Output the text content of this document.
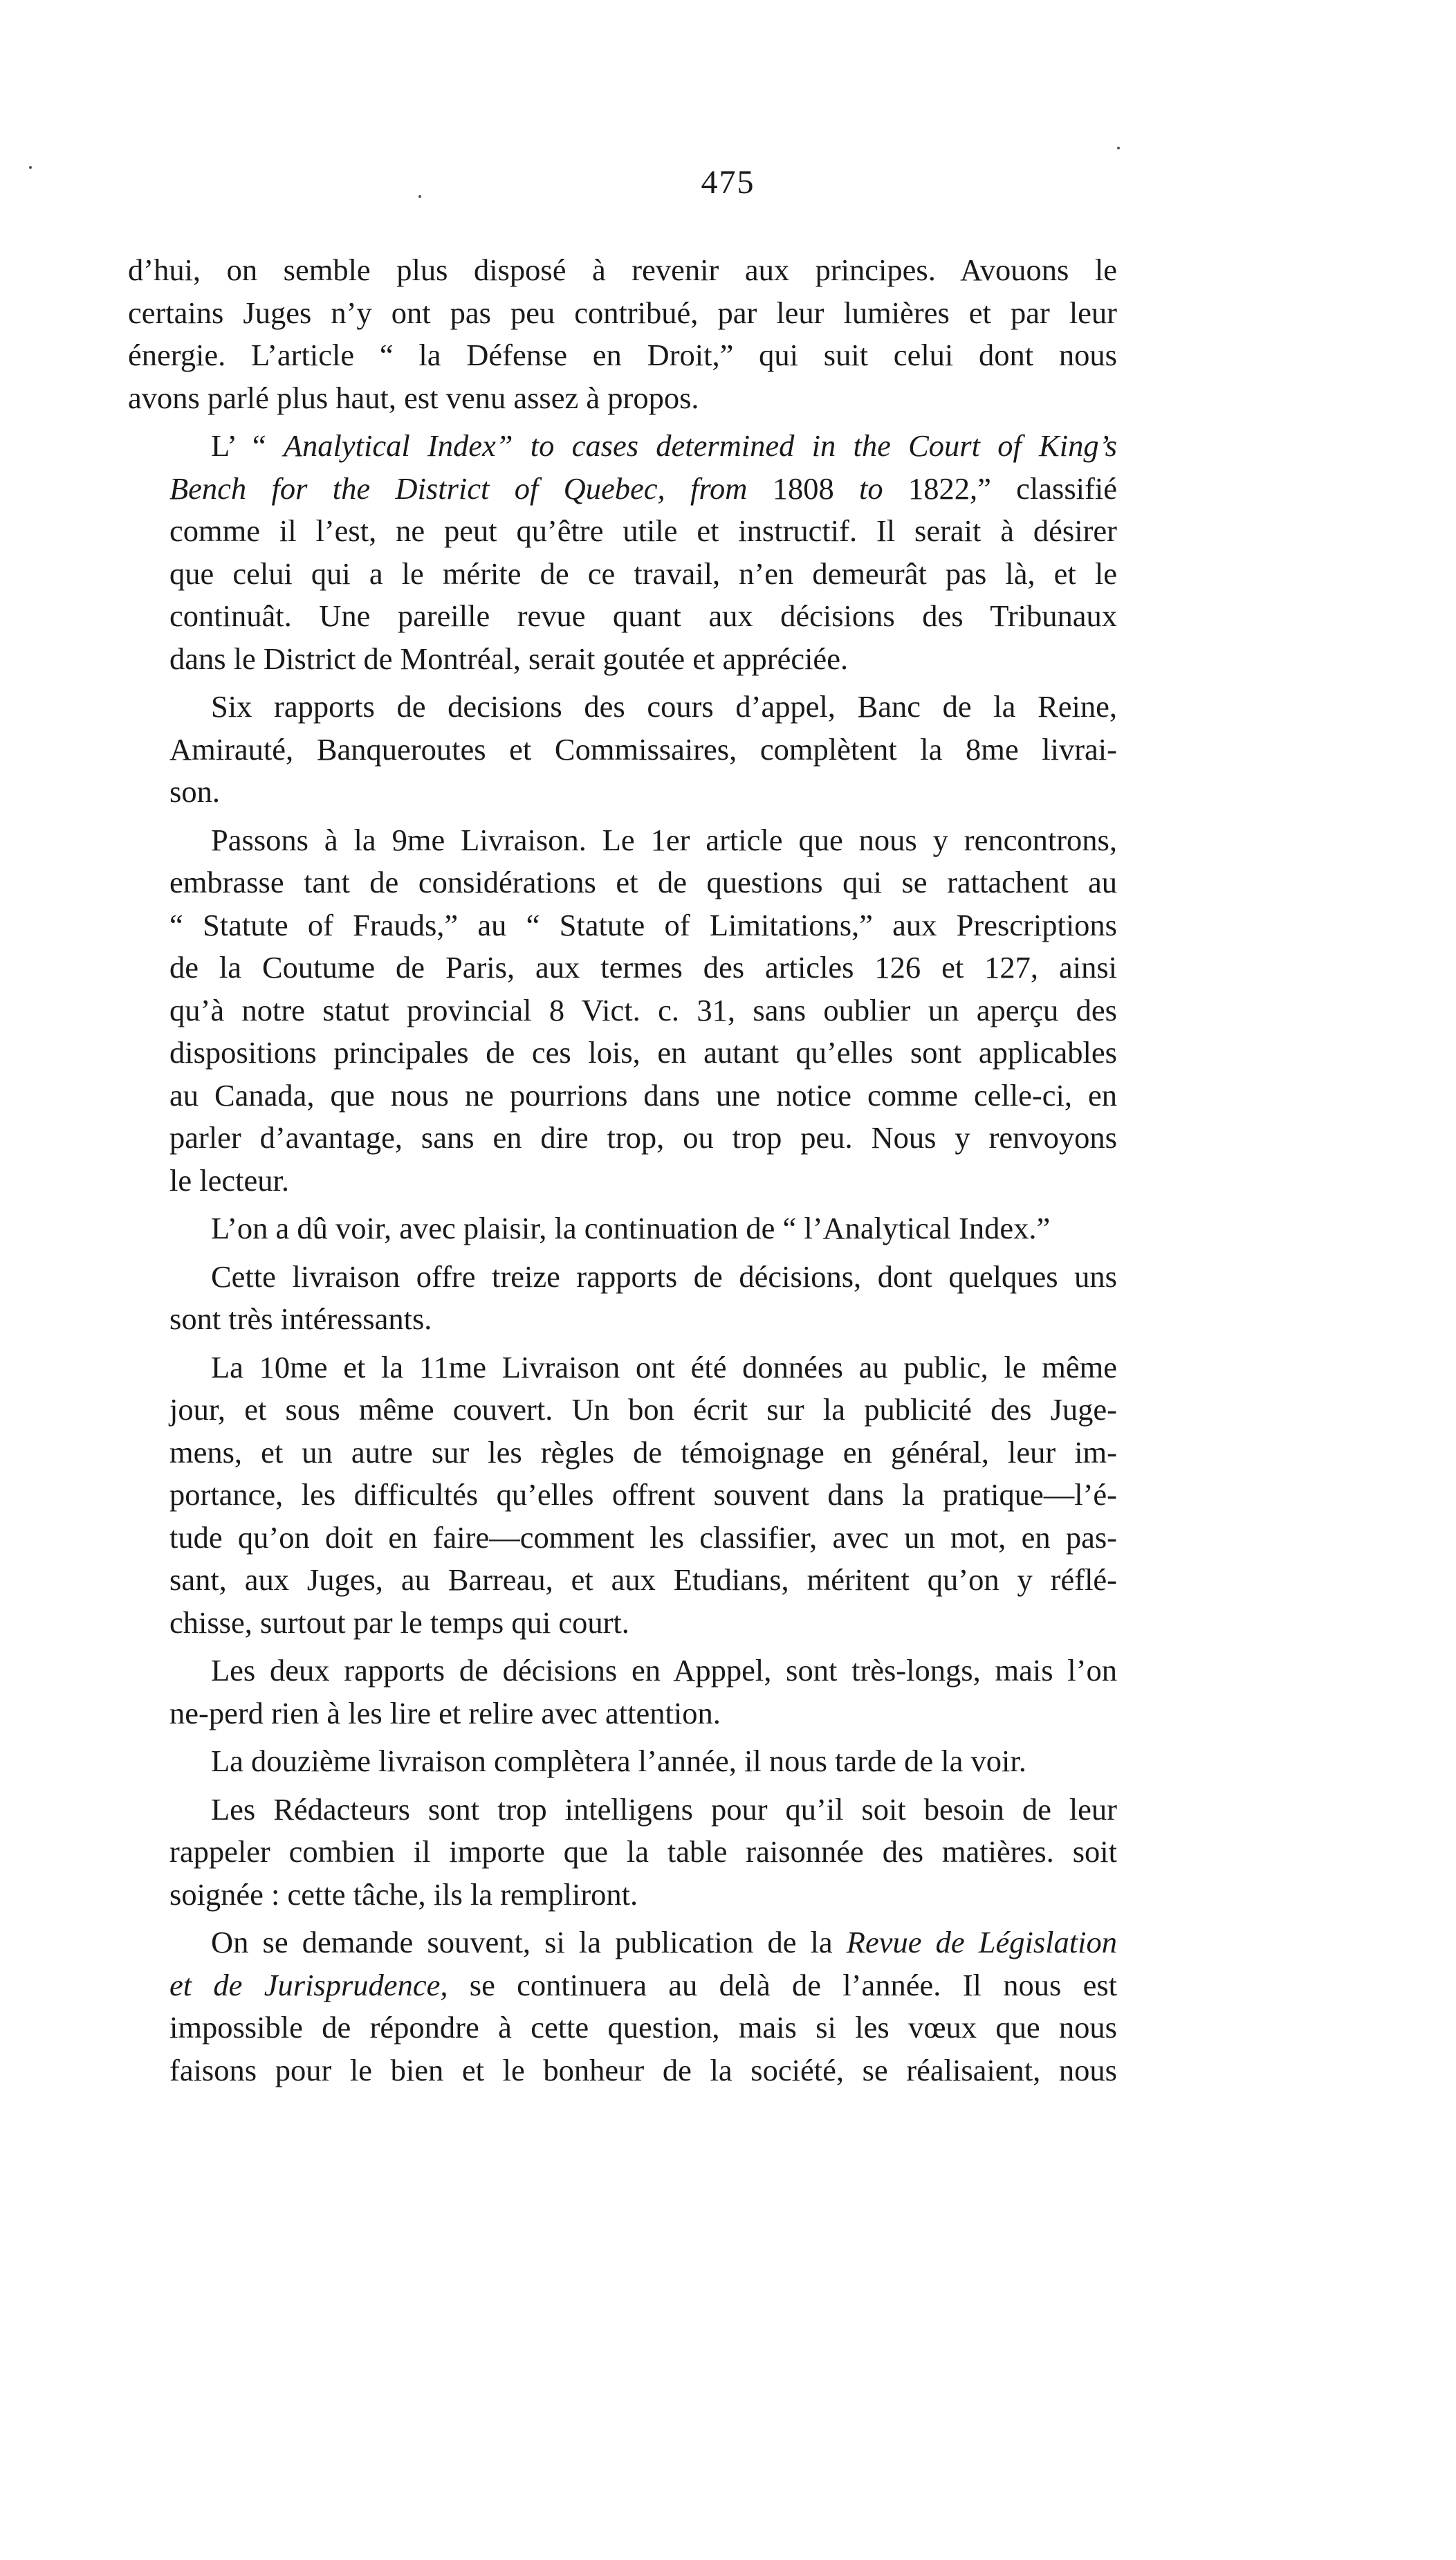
475

d’hui, on semble plus disposé à revenir aux principes. Avouons le
certains Juges n’y ont pas peu contribué, par leur lumières et par leur
énergie. L’article “ la Défense en Droit,” qui suit celui dont nous
avons parlé plus haut, est venu assez à propos.

L’ “ Analytical Index” to cases determined in the Court of King’s
Bench for the District of Quebec, from 1808 to 1822,” classifié
comme il l’est, ne peut qu’être utile et instructif. Il serait à désirer
que celui qui a le mérite de ce travail, n’en demeurât pas là, et le
continuât. Une pareille revue quant aux décisions des Tribunaux
dans le District de Montréal, serait goutée et appréciée.

Six rapports de decisions des cours d’appel, Banc de la Reine,
Amirauté, Banqueroutes et Commissaires, complètent la 8me livrai-
son.

Passons à la 9me Livraison. Le 1er article que nous y rencontrons,
embrasse tant de considérations et de questions qui se rattachent au
“ Statute of Frauds,” au “ Statute of Limitations,” aux Prescriptions
de la Coutume de Paris, aux termes des articles 126 et 127, ainsi
qu’à notre statut provincial 8 Vict. c. 31, sans oublier un aperçu des
dispositions principales de ces lois, en autant qu’elles sont applicables
au Canada, que nous ne pourrions dans une notice comme celle-ci, en
parler d’avantage, sans en dire trop, ou trop peu. Nous y renvoyons
le lecteur.

L’on a dû voir, avec plaisir, la continuation de “ l’Analytical Index.”

Cette livraison offre treize rapports de décisions, dont quelques uns
sont très intéressants.

La 10me et la 11me Livraison ont été données au public, le même
jour, et sous même couvert. Un bon écrit sur la publicité des Juge-
mens, et un autre sur les règles de témoignage en général, leur im-
portance, les difficultés qu’elles offrent souvent dans la pratique—l’é-
tude qu’on doit en faire—comment les classifier, avec un mot, en pas-
sant, aux Juges, au Barreau, et aux Etudians, méritent qu’on y réflé-
chisse, surtout par le temps qui court.

Les deux rapports de décisions en Apppel, sont très-longs, mais l’on
ne-perd rien à les lire et relire avec attention.

La douzième livraison complètera l’année, il nous tarde de la voir.

Les Rédacteurs sont trop intelligens pour qu’il soit besoin de leur
rappeler combien il importe que la table raisonnée des matières. soit
soignée : cette tâche, ils la rempliront.

On se demande souvent, si la publication de la Revue de Législation
et de Jurisprudence, se continuera au delà de l’année. Il nous est
impossible de répondre à cette question, mais si les vœux que nous
faisons pour le bien et le bonheur de la société, se réalisaient, nous
